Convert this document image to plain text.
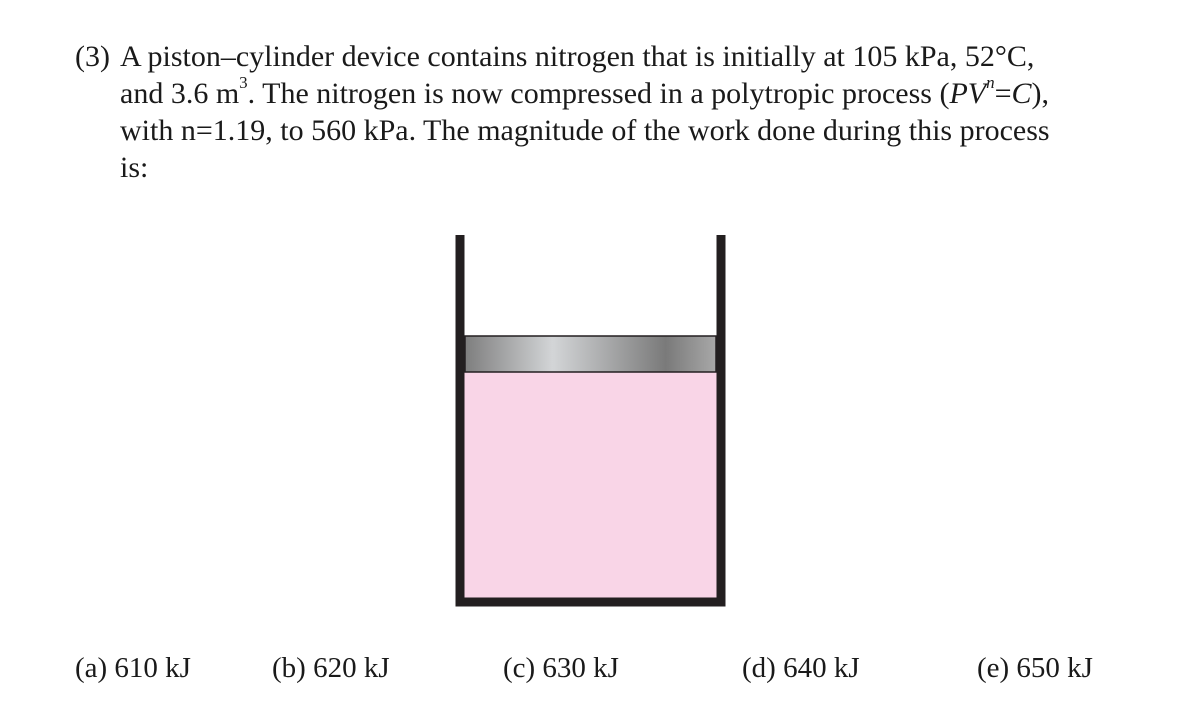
(3) A piston–cylinder device contains nitrogen that is initially at 105 kPa, 52°C,
and 3.6 $m^3$. The nitrogen is now compressed in a polytropic process $(PV^n=C)$,
with n=1.19, to 560 kPa. The magnitude of the work done during this process
is:
(a) 610 kJ	(b) 620 kJ	(c) 630 kJ	(d) 640 kJ	(e) 650 kJ
